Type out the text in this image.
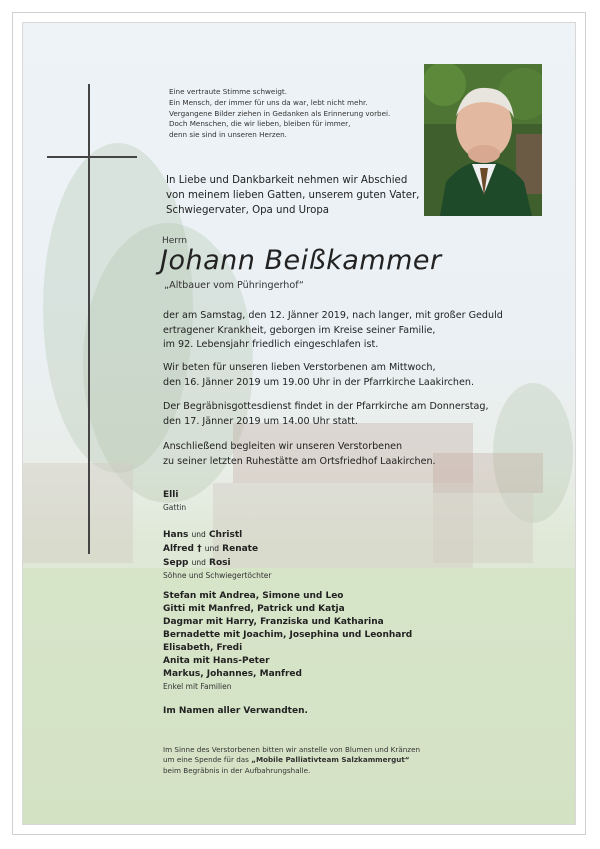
Eine vertraute Stimme schweigt.
Ein Mensch, der immer für uns da war, lebt nicht mehr.
Vergangene Bilder ziehen in Gedanken als Erinnerung vorbei.
Doch Menschen, die wir lieben, bleiben für immer,
denn sie sind in unseren Herzen.
In Liebe und Dankbarkeit nehmen wir Abschied
von meinem lieben Gatten, unserem guten Vater,
Schwiegervater, Opa und Uropa
Herrn
Johann Beißkammer
„Altbauer vom Pühringerhof“
der am Samstag, den 12. Jänner 2019, nach langer, mit großer Geduld
ertragener Krankheit, geborgen im Kreise seiner Familie,
im 92. Lebensjahr friedlich eingeschlafen ist.
Wir beten für unseren lieben Verstorbenen am Mittwoch,
den 16. Jänner 2019 um 19.00 Uhr in der Pfarrkirche Laakirchen.
Der Begräbnisgottesdienst findet in der Pfarrkirche am Donnerstag,
den 17. Jänner 2019 um 14.00 Uhr statt.
Anschließend begleiten wir unseren Verstorbenen
zu seiner letzten Ruhestätte am Ortsfriedhof Laakirchen.
Elli
Gattin
Hans und Christl
Alfred † und Renate
Sepp und Rosi
Söhne und Schwiegertöchter
Stefan mit Andrea, Simone und Leo
Gitti mit Manfred, Patrick und Katja
Dagmar mit Harry, Franziska und Katharina
Bernadette mit Joachim, Josephina und Leonhard
Elisabeth, Fredi
Anita mit Hans-Peter
Markus, Johannes, Manfred
Enkel mit Familien
Im Namen aller Verwandten.
Im Sinne des Verstorbenen bitten wir anstelle von Blumen und Kränzen
um eine Spende für das „Mobile Palliativteam Salzkammergut“
beim Begräbnis in der Aufbahrungshalle.
